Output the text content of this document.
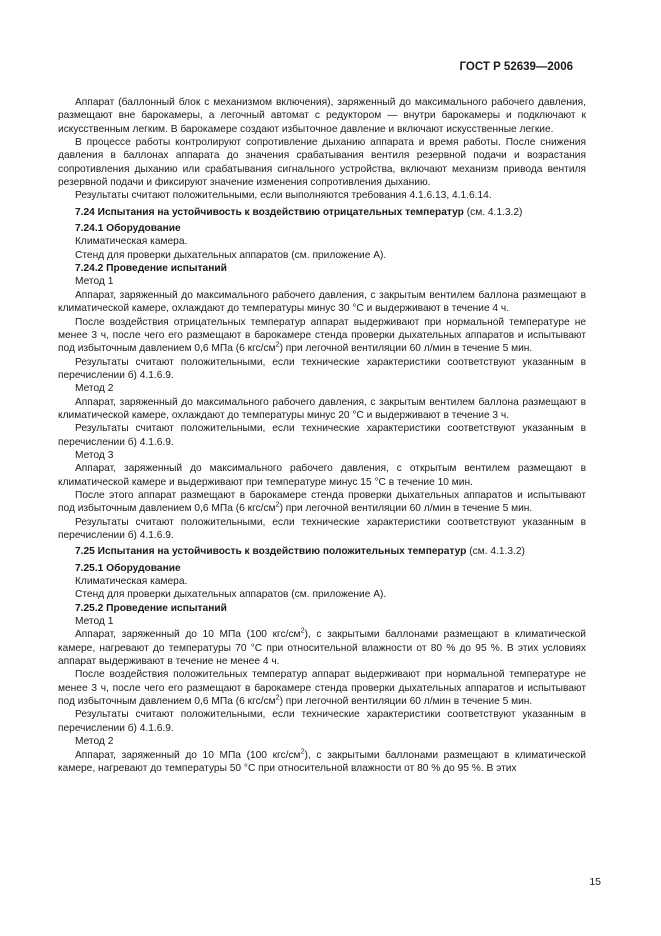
ГОСТ Р 52639—2006

Аппарат (баллонный блок с механизмом включения), заряженный до максимального рабочего давления, размещают вне барокамеры, а легочный автомат с редуктором — внутри барокамеры и подключают к искусственным легким. В барокамере создают избыточное давление и включают искусственные легкие.

В процессе работы контролируют сопротивление дыханию аппарата и время работы. После снижения давления в баллонах аппарата до значения срабатывания вентиля резервной подачи и возрастания сопротивления дыханию или срабатывания сигнального устройства, включают механизм привода вентиля резервной подачи и фиксируют значение изменения сопротивления дыханию.

Результаты считают положительными, если выполняются требования 4.1.6.13, 4.1.6.14.

7.24 Испытания на устойчивость к воздействию отрицательных температур (см. 4.1.3.2)

7.24.1 Оборудование

Климатическая камера.

Стенд для проверки дыхательных аппаратов (см. приложение А).

7.24.2 Проведение испытаний

Метод 1

Аппарат, заряженный до максимального рабочего давления, с закрытым вентилем баллона размещают в климатической камере, охлаждают до температуры минус 30 °С и выдерживают в течение 4 ч.

После воздействия отрицательных температур аппарат выдерживают при нормальной температуре не менее 3 ч, после чего его размещают в барокамере стенда проверки дыхательных аппаратов и испытывают под избыточным давлением 0,6 МПа (6 кгс/$см^2$) при легочной вентиляции 60 л/мин в течение 5 мин.

Результаты считают положительными, если технические характеристики соответствуют указанным в перечислении б) 4.1.6.9.

Метод 2

Аппарат, заряженный до максимального рабочего давления, с закрытым вентилем баллона размещают в климатической камере, охлаждают до температуры минус 20 °С и выдерживают в течение 3 ч.

Результаты считают положительными, если технические характеристики соответствуют указанным в перечислении б) 4.1.6.9.

Метод 3

Аппарат, заряженный до максимального рабочего давления, с открытым вентилем размещают в климатической камере и выдерживают при температуре минус 15 °С в течение 10 мин.

После этого аппарат размещают в барокамере стенда проверки дыхательных аппаратов и испытывают под избыточным давлением 0,6 МПа (6 кгс/$см^2$) при легочной вентиляции 60 л/мин в течение 5 мин.

Результаты считают положительными, если технические характеристики соответствуют указанным в перечислении б) 4.1.6.9.

7.25 Испытания на устойчивость к воздействию положительных температур (см. 4.1.3.2)

7.25.1 Оборудование

Климатическая камера.

Стенд для проверки дыхательных аппаратов (см. приложение А).

7.25.2 Проведение испытаний

Метод 1

Аппарат, заряженный до 10 МПа (100 кгс/$см^2$), с закрытыми баллонами размещают в климатической камере, нагревают до температуры 70 °С при относительной влажности от 80 % до 95 %. В этих условиях аппарат выдерживают в течение не менее 4 ч.

После воздействия положительных температур аппарат выдерживают при нормальной температуре не менее 3 ч, после чего его размещают в барокамере стенда проверки дыхательных аппаратов и испытывают под избыточным давлением 0,6 МПа (6 кгс/$см^2$) при легочной вентиляции 60 л/мин в течение 5 мин.

Результаты считают положительными, если технические характеристики соответствуют указанным в перечислении б) 4.1.6.9.

Метод 2

Аппарат, заряженный до 10 МПа (100 кгс/$см^2$), с закрытыми баллонами размещают в климатической камере, нагревают до температуры 50 °С при относительной влажности от 80 % до 95 %. В этих

15
